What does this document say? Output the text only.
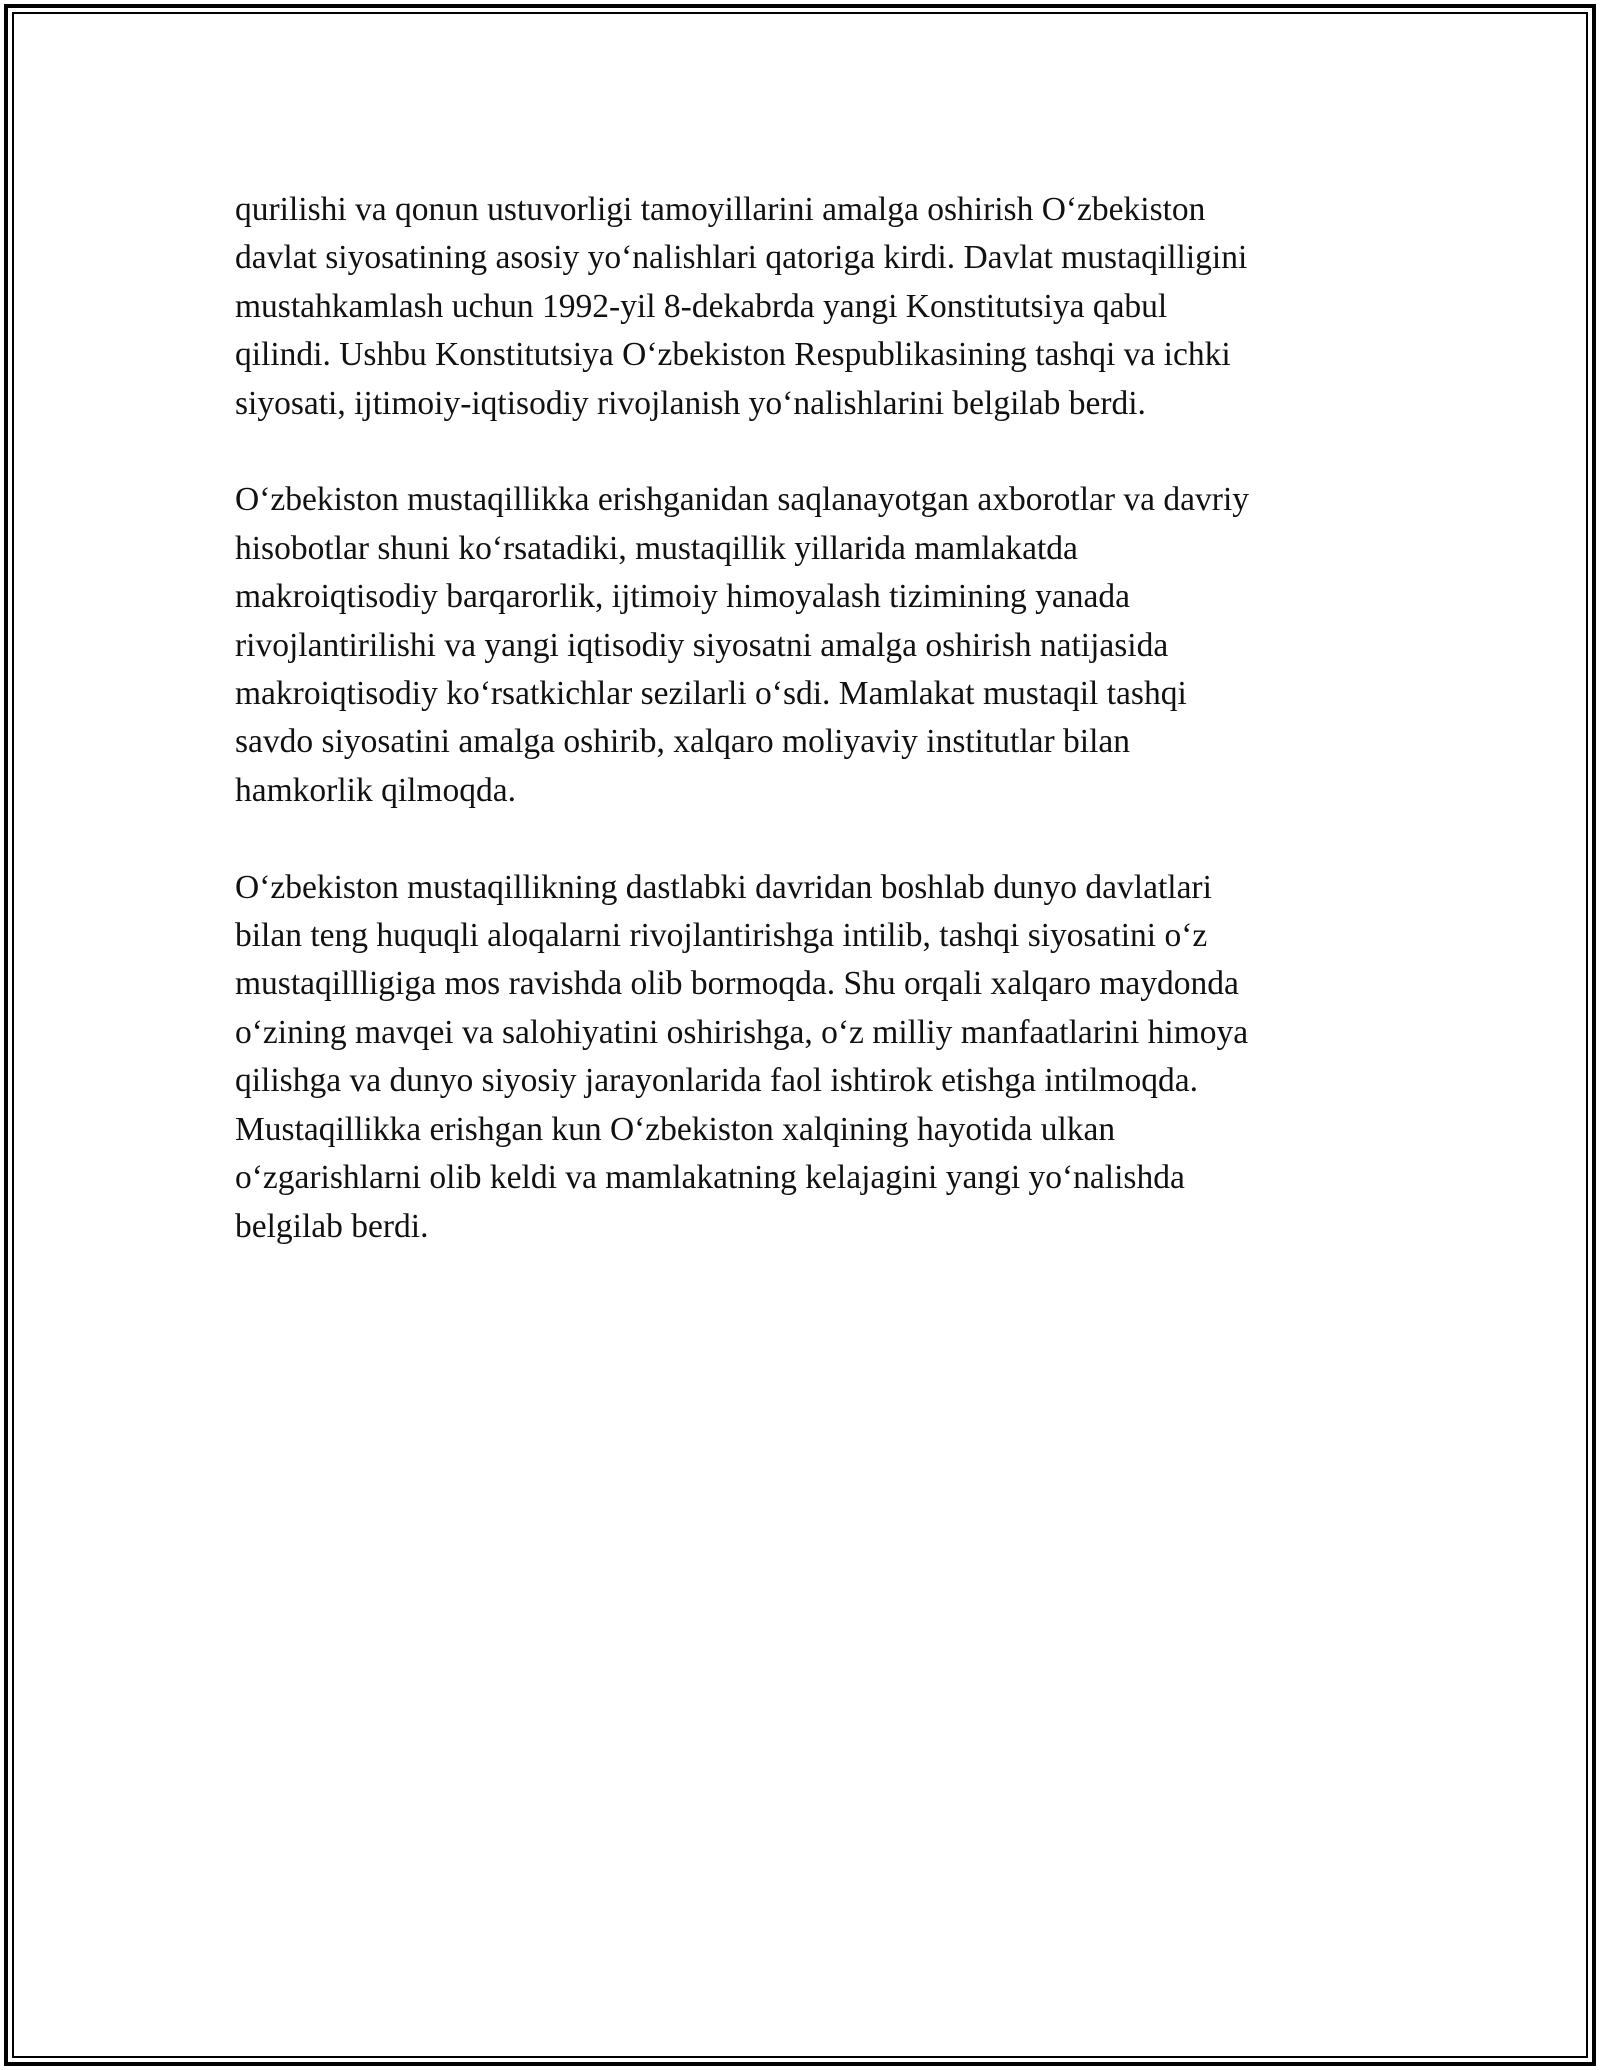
qurilishi va qonun ustuvorligi tamoyillarini amalga oshirish O‘zbekiston
davlat siyosatining asosiy yo‘nalishlari qatoriga kirdi. Davlat mustaqilligini
mustahkamlash uchun 1992-yil 8-dekabrda yangi Konstitutsiya qabul
qilindi. Ushbu Konstitutsiya O‘zbekiston Respublikasining tashqi va ichki
siyosati, ijtimoiy-iqtisodiy rivojlanish yo‘nalishlarini belgilab berdi.

O‘zbekiston mustaqillikka erishganidan saqlanayotgan axborotlar va davriy
hisobotlar shuni ko‘rsatadiki, mustaqillik yillarida mamlakatda
makroiqtisodiy barqarorlik, ijtimoiy himoyalash tizimining yanada
rivojlantirilishi va yangi iqtisodiy siyosatni amalga oshirish natijasida
makroiqtisodiy ko‘rsatkichlar sezilarli o‘sdi. Mamlakat mustaqil tashqi
savdo siyosatini amalga oshirib, xalqaro moliyaviy institutlar bilan
hamkorlik qilmoqda.

O‘zbekiston mustaqillikning dastlabki davridan boshlab dunyo davlatlari
bilan teng huquqli aloqalarni rivojlantirishga intilib, tashqi siyosatini o‘z
mustaqillligiga mos ravishda olib bormoqda. Shu orqali xalqaro maydonda
o‘zining mavqei va salohiyatini oshirishga, o‘z milliy manfaatlarini himoya
qilishga va dunyo siyosiy jarayonlarida faol ishtirok etishga intilmoqda.
Mustaqillikka erishgan kun O‘zbekiston xalqining hayotida ulkan
o‘zgarishlarni olib keldi va mamlakatning kelajagini yangi yo‘nalishda
belgilab berdi.
